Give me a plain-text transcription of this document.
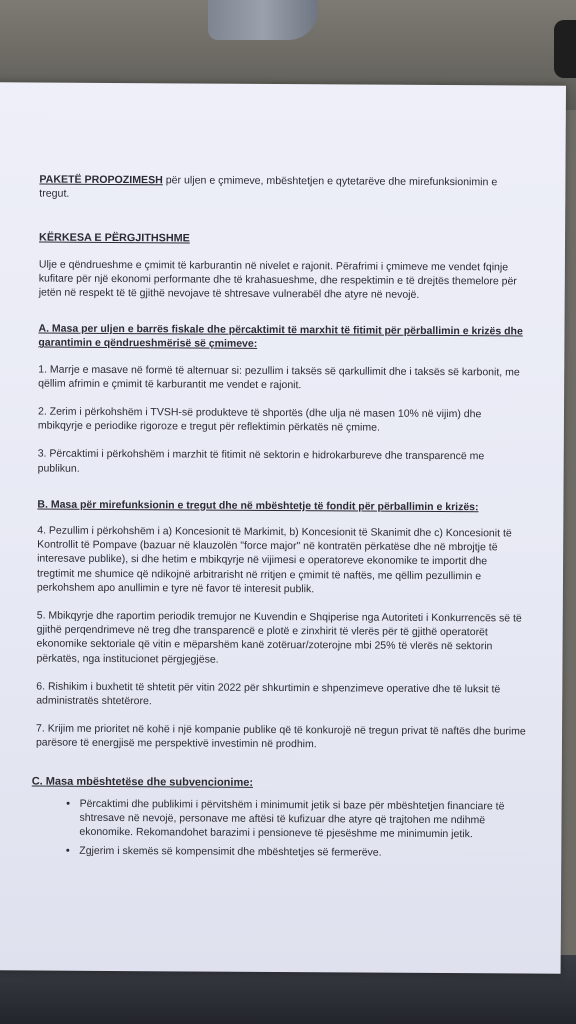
PAKETË PROPOZIMESH për uljen e çmimeve, mbështetjen e qytetarëve dhe mirefunksionimin e tregut.
KËRKESA E PËRGJITHSHME

Ulje e qëndrueshme e çmimit të karburantin në nivelet e rajonit. Përafrimi i çmimeve me vendet fqinje kufitare për një ekonomi performante dhe të krahasueshme, dhe respektimin e të drejtës themelore për jetën në respekt të të gjithë nevojave të shtresave vulnerabël dhe atyre në nevojë.

A. Masa per uljen e barrës fiskale dhe përcaktimit të marxhit të fitimit për përballimin e krizës dhe garantimin e qëndrueshmërisë së çmimeve:

1. Marrje e masave në formë të alternuar si: pezullim i taksës së qarkullimit dhe i taksës së karbonit, me qëllim afrimin e çmimit të karburantit me vendet e rajonit.

2. Zerim i përkohshëm i TVSH-së produkteve të shportës (dhe ulja në masen 10% në vijim) dhe mbikqyrje e periodike rigoroze e tregut për reflektimin përkatës në çmime.

3. Përcaktimi i përkohshëm i marzhit të fitimit në sektorin e hidrokarbureve dhe transparencë me publikun.

B. Masa për mirefunksionin e tregut dhe në mbështetje të fondit për përballimin e krizës:

4. Pezullim i përkohshëm i a) Koncesionit të Markimit, b) Koncesionit të Skanimit dhe c) Koncesionit të Kontrollit të Pompave (bazuar në klauzolën "force major" në kontratën përkatëse dhe në mbrojtje të interesave publike), si dhe hetim e mbikqyrje në vijimesi e operatoreve ekonomike te importit dhe tregtimit me shumice që ndikojnë arbitrarisht në rritjen e çmimit të naftës, me qëllim pezullimin e perkohshem apo anullimin e tyre në favor të interesit publik.

5. Mbikqyrje dhe raportim periodik tremujor ne Kuvendin e Shqiperise nga Autoriteti i Konkurrencës së të gjithë perqendrimeve në treg dhe transparencë e plotë e zinxhirit të vlerës për të gjithë operatorët ekonomike sektoriale që vitin e mëparshëm kanë zotëruar/zoterojne mbi 25% të vlerës në sektorin përkatës, nga institucionet përgjegjëse.

6. Rishikim i buxhetit të shtetit për vitin 2022 për shkurtimin e shpenzimeve operative dhe të luksit të administratës shtetërore.

7. Krijim me prioritet në kohë i një kompanie publike që të konkurojë në tregun privat të naftës dhe burime parësore të energjisë me perspektivë investimin në prodhim.

C. Masa mbështetëse dhe subvencionime:
• Përcaktimi dhe publikimi i përvitshëm i minimumit jetik si baze për mbështetjen financiare të shtresave në nevojë, personave me aftësi të kufizuar dhe atyre që trajtohen me ndihmë ekonomike. Rekomandohet barazimi i pensioneve të pjesëshme me minimumin jetik.
• Zgjerim i skemës së kompensimit dhe mbështetjes së fermerëve.
